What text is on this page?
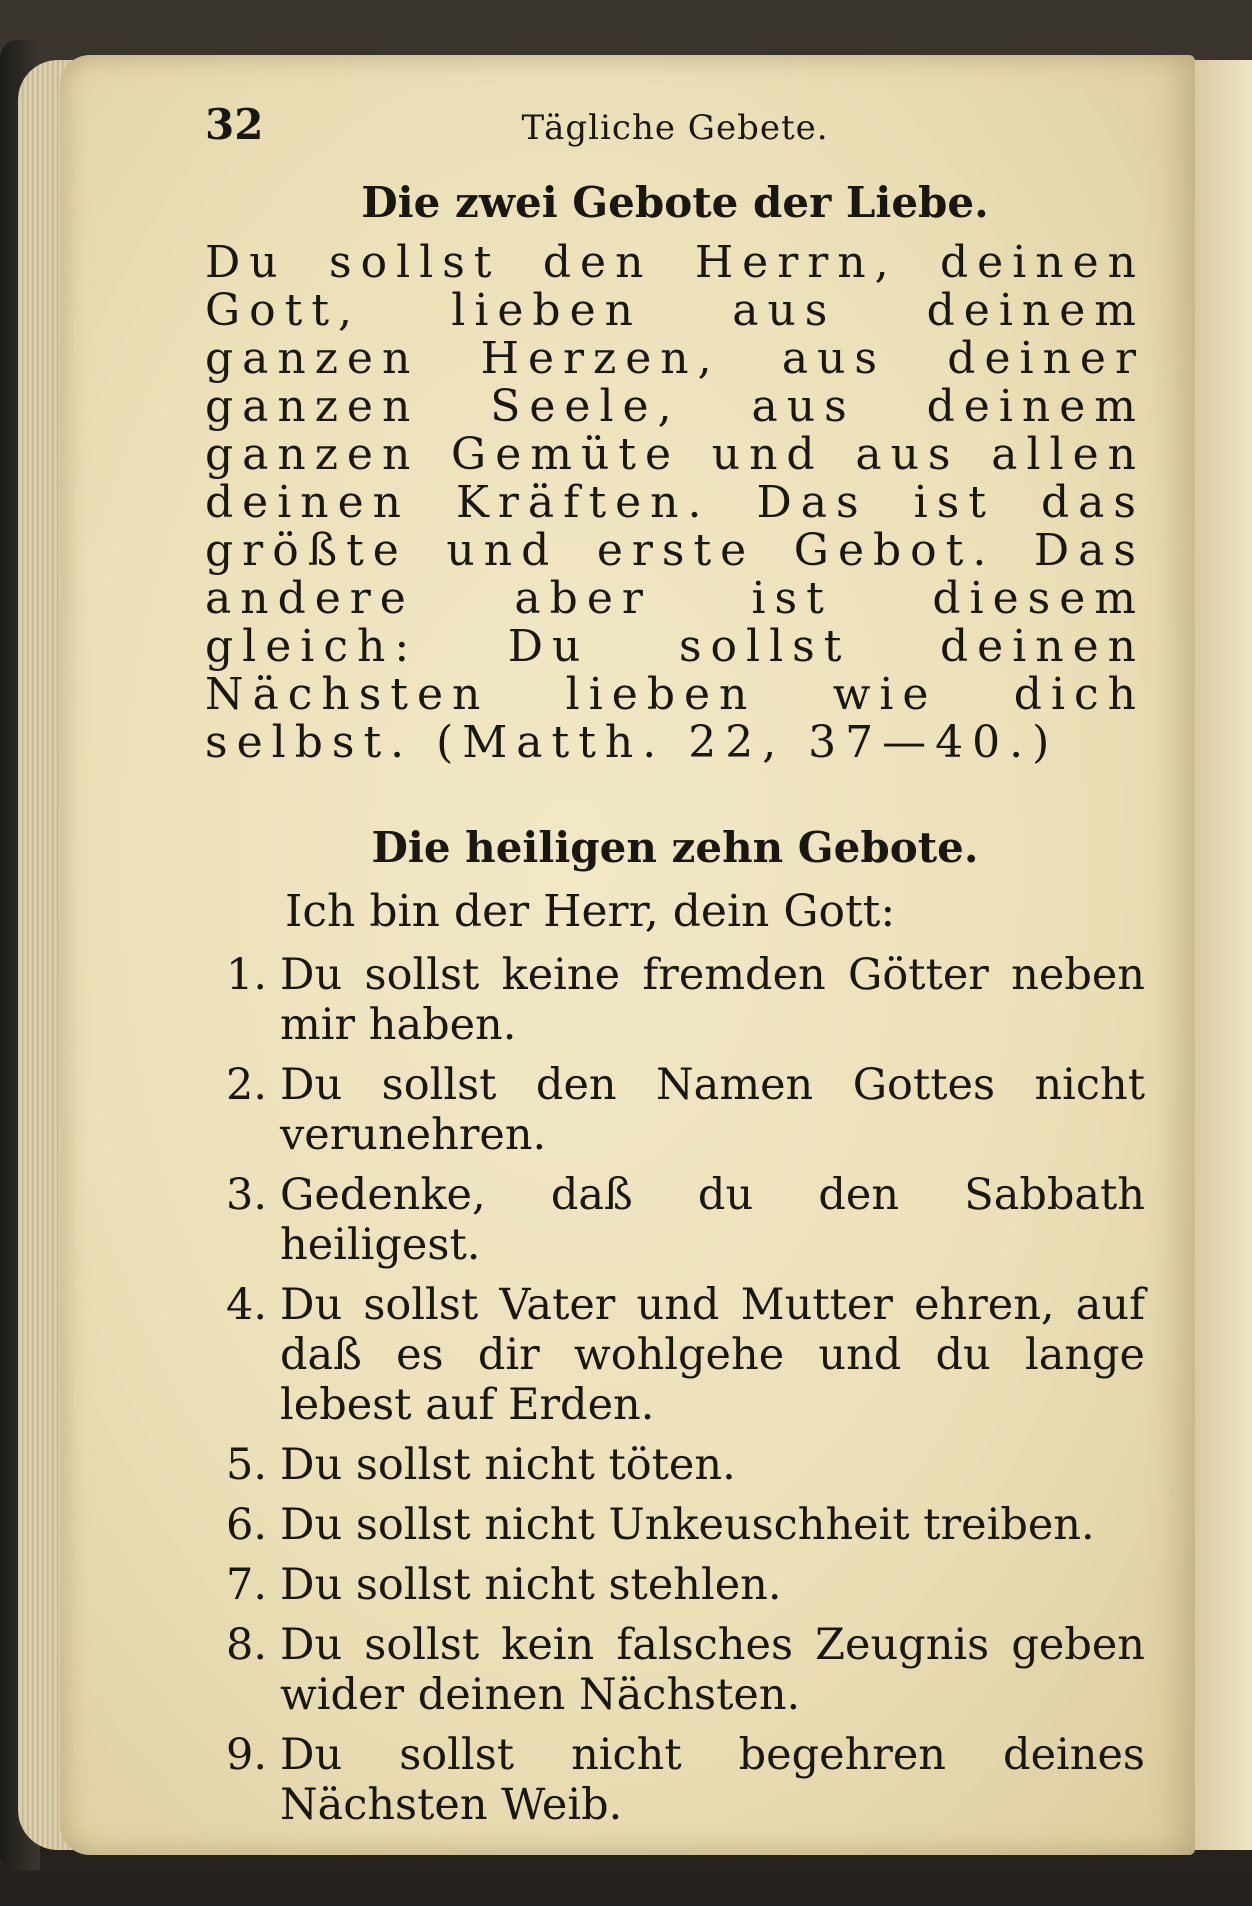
32	Tägliche Gebete.
Die zwei Gebote der Liebe.

Du sollst den Herrn, deinen Gott, lieben aus deinem ganzen Herzen, aus deiner ganzen Seele, aus deinem ganzen Gemüte und aus allen deinen Kräften. Das ist das größte und erste Gebot. Das andere aber ist diesem gleich: Du sollst deinen Nächsten lieben wie dich selbst. (Matth. 22, 37—40.)

Die heiligen zehn Gebote.
Ich bin der Herr, dein Gott:
1. Du sollst keine fremden Götter neben mir haben.
2. Du sollst den Namen Gottes nicht verunehren.
3. Gedenke, daß du den Sabbath heiligest.
4. Du sollst Vater und Mutter ehren, auf daß es dir wohlgehe und du lange lebest auf Erden.
5. Du sollst nicht töten.
6. Du sollst nicht Unkeuschheit treiben.
7. Du sollst nicht stehlen.
8. Du sollst kein falsches Zeugnis geben wider deinen Nächsten.
9. Du sollst nicht begehren deines Nächsten Weib.
